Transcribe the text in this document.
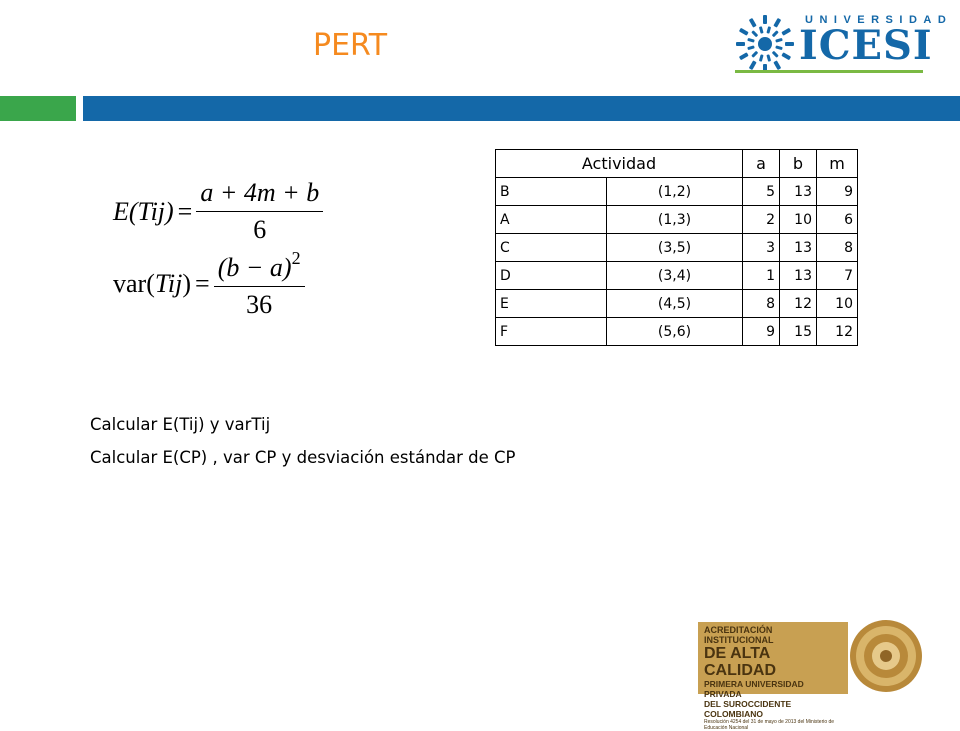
PERT
UNIVERSIDAD
ICESI
$E(Tij) = \frac{a + 4m + b}{6}$
$var(Tij) = \frac{(b - a)^2}{36}$
Actividad		a	b	m
B	(1,2)	5	13	9
A	(1,3)	2	10	6
C	(3,5)	3	13	8
D	(3,4)	1	13	7
E	(4,5)	8	12	10
F	(5,6)	9	15	12
Calcular E(Tij) y varTij
Calcular E(CP) , var CP y desviación estándar de CP
ACREDITACIÓN INSTITUCIONAL
DE ALTA CALIDAD
PRIMERA UNIVERSIDAD PRIVADA
DEL SUROCCIDENTE COLOMBIANO
Resolución 4254 del 31 de mayo de 2013 del Ministerio de Educación Nacional
